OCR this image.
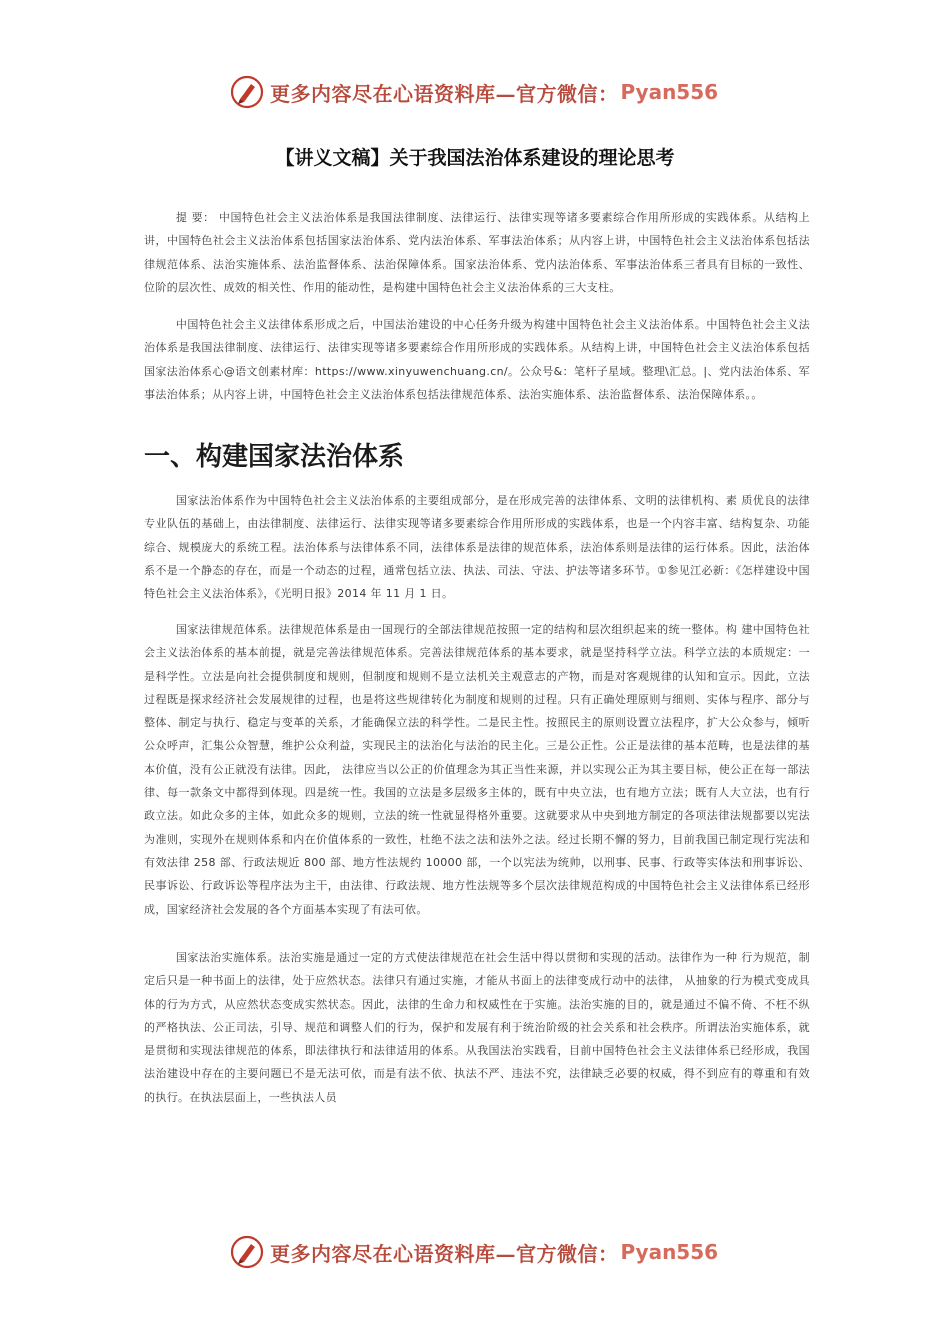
更多内容尽在心语资料库—官方微信： Pyan556
【讲义文稿】关于我国法治体系建设的理论思考

提 要： 中国特色社会主义法治体系是我国法律制度、法律运行、法律实现等诸多要素综合作用所形成的实践体系。从结构上讲，中国特色社会主义法治体系包括国家法治体系、党内法治体系、军事法治体系；从内容上讲，中国特色社会主义法治体系包括法律规范体系、法治实施体系、法治监督体系、法治保障体系。国家法治体系、党内法治体系、军事法治体系三者具有目标的一致性、位阶的层次性、成效的相关性、作用的能动性，是构建中国特色社会主义法治体系的三大支柱。

中国特色社会主义法律体系形成之后，中国法治建设的中心任务升级为构建中国特色社会主义法治体系。中国特色社会主义法治体系是我国法律制度、法律运行、法律实现等诸多要素综合作用所形成的实践体系。从结构上讲，中国特色社会主义法治体系包括国家法治体系心@语文创素材库：https://www.xinyuwenchuang.cn/。公众号&：笔杆子星域。整理\汇总。|、党内法治体系、军事法治体系；从内容上讲，中国特色社会主义法治体系包括法律规范体系、法治实施体系、法治监督体系、法治保障体系。。

一、构建国家法治体系

国家法治体系作为中国特色社会主义法治体系的主要组成部分，是在形成完善的法律体系、文明的法律机构、素 质优良的法律专业队伍的基础上，由法律制度、法律运行、法律实现等诸多要素综合作用所形成的实践体系，也是一个内容丰富、结构复杂、功能综合、规模庞大的系统工程。法治体系与法律体系不同，法律体系是法律的规范体系，法治体系则是法律的运行体系。因此，法治体系不是一个静态的存在，而是一个动态的过程，通常包括立法、执法、司法、守法、护法等诸多环节。①参见江必新：《怎样建设中国特色社会主义法治体系》，《光明日报》2014 年 11 月 1 日。

国家法律规范体系。法律规范体系是由一国现行的全部法律规范按照一定的结构和层次组织起来的统一整体。构 建中国特色社会主义法治体系的基本前提，就是完善法律规范体系。完善法律规范体系的基本要求，就是坚持科学立法。科学立法的本质规定：一是科学性。立法是向社会提供制度和规则，但制度和规则不是立法机关主观意志的产物，而是对客观规律的认知和宣示。因此，立法过程既是探求经济社会发展规律的过程，也是将这些规律转化为制度和规则的过程。只有正确处理原则与细则、实体与程序、部分与整体、制定与执行、稳定与变革的关系，才能确保立法的科学性。二是民主性。按照民主的原则设置立法程序，扩大公众参与，倾听公众呼声，汇集公众智慧，维护公众利益，实现民主的法治化与法治的民主化。三是公正性。公正是法律的基本范畴，也是法律的基本价值，没有公正就没有法律。因此， 法律应当以公正的价值理念为其正当性来源，并以实现公正为其主要目标，使公正在每一部法律、每一款条文中都得到体现。四是统一性。我国的立法是多层级多主体的，既有中央立法，也有地方立法；既有人大立法，也有行政立法。如此众多的主体，如此众多的规则，立法的统一性就显得格外重要。这就要求从中央到地方制定的各项法律法规都要以宪法为准则，实现外在规则体系和内在价值体系的一致性，杜绝不法之法和法外之法。经过长期不懈的努力，目前我国已制定现行宪法和有效法律 258 部、行政法规近 800 部、地方性法规约 10000 部，一个以宪法为统帅，以刑事、民事、行政等实体法和刑事诉讼、民事诉讼、行政诉讼等程序法为主干，由法律、行政法规、地方性法规等多个层次法律规范构成的中国特色社会主义法律体系已经形成，国家经济社会发展的各个方面基本实现了有法可依。

国家法治实施体系。法治实施是通过一定的方式使法律规范在社会生活中得以贯彻和实现的活动。法律作为一种 行为规范，制定后只是一种书面上的法律，处于应然状态。法律只有通过实施，才能从书面上的法律变成行动中的法律， 从抽象的行为模式变成具体的行为方式，从应然状态变成实然状态。因此，法律的生命力和权威性在于实施。法治实施的目的，就是通过不偏不倚、不枉不纵的严格执法、公正司法，引导、规范和调整人们的行为，保护和发展有利于统治阶级的社会关系和社会秩序。所谓法治实施体系，就是贯彻和实现法律规范的体系，即法律执行和法律适用的体系。从我国法治实践看，目前中国特色社会主义法律体系已经形成，我国法治建设中存在的主要问题已不是无法可依，而是有法不依、执法不严、违法不究，法律缺乏必要的权威，得不到应有的尊重和有效的执行。在执法层面上，一些执法人员

更多内容尽在心语资料库—官方微信： Pyan556
